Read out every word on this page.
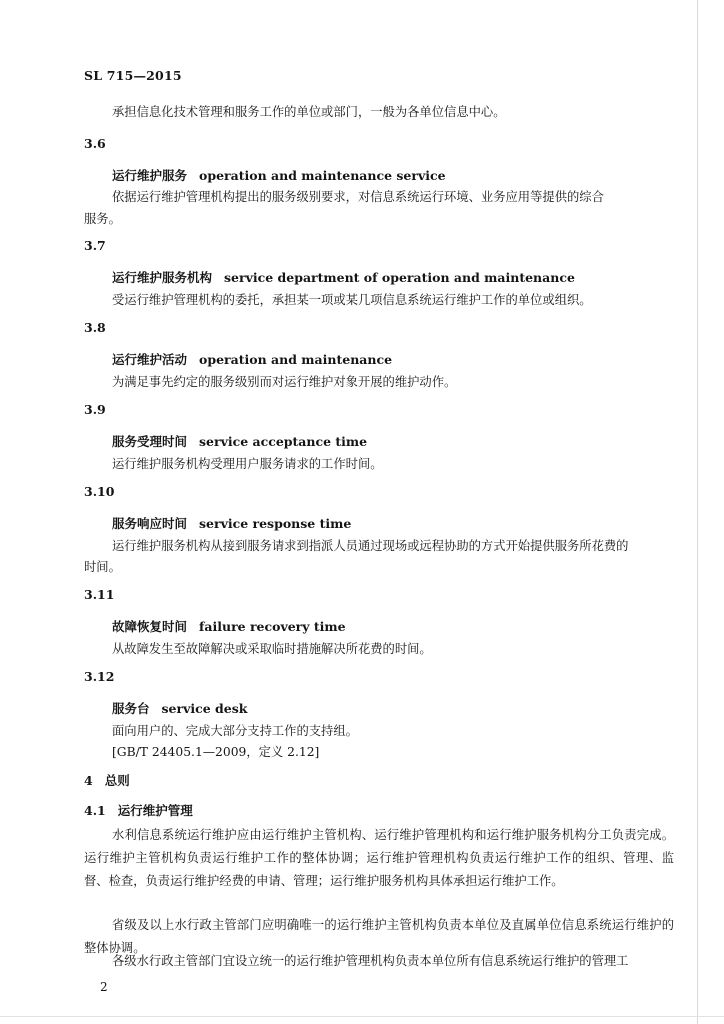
SL 715—2015
承担信息化技术管理和服务工作的单位或部门，一般为各单位信息中心。
3.6
运行维护服务 operation and maintenance service
依据运行维护管理机构提出的服务级别要求，对信息系统运行环境、业务应用等提供的综合
服务。
3.7
运行维护服务机构 service department of operation and maintenance
受运行维护管理机构的委托，承担某一项或某几项信息系统运行维护工作的单位或组织。
3.8
运行维护活动 operation and maintenance
为满足事先约定的服务级别而对运行维护对象开展的维护动作。
3.9
服务受理时间 service acceptance time
运行维护服务机构受理用户服务请求的工作时间。
3.10
服务响应时间 service response time
运行维护服务机构从接到服务请求到指派人员通过现场或远程协助的方式开始提供服务所花费的
时间。
3.11
故障恢复时间 failure recovery time
从故障发生至故障解决或采取临时措施解决所花费的时间。
3.12
服务台 service desk
面向用户的、完成大部分支持工作的支持组。
[GB/T 24405.1—2009，定义 2.12]
4 总则
4.1 运行维护管理
水利信息系统运行维护应由运行维护主管机构、运行维护管理机构和运行维护服务机构分工负责完成。运行维护主管机构负责运行维护工作的整体协调；运行维护管理机构负责运行维护工作的组织、管理、监督、检查，负责运行维护经费的申请、管理；运行维护服务机构具体承担运行维护工作。
省级及以上水行政主管部门应明确唯一的运行维护主管机构负责本单位及直属单位信息系统运行维护的整体协调。
各级水行政主管部门宜设立统一的运行维护管理机构负责本单位所有信息系统运行维护的管理工
2
